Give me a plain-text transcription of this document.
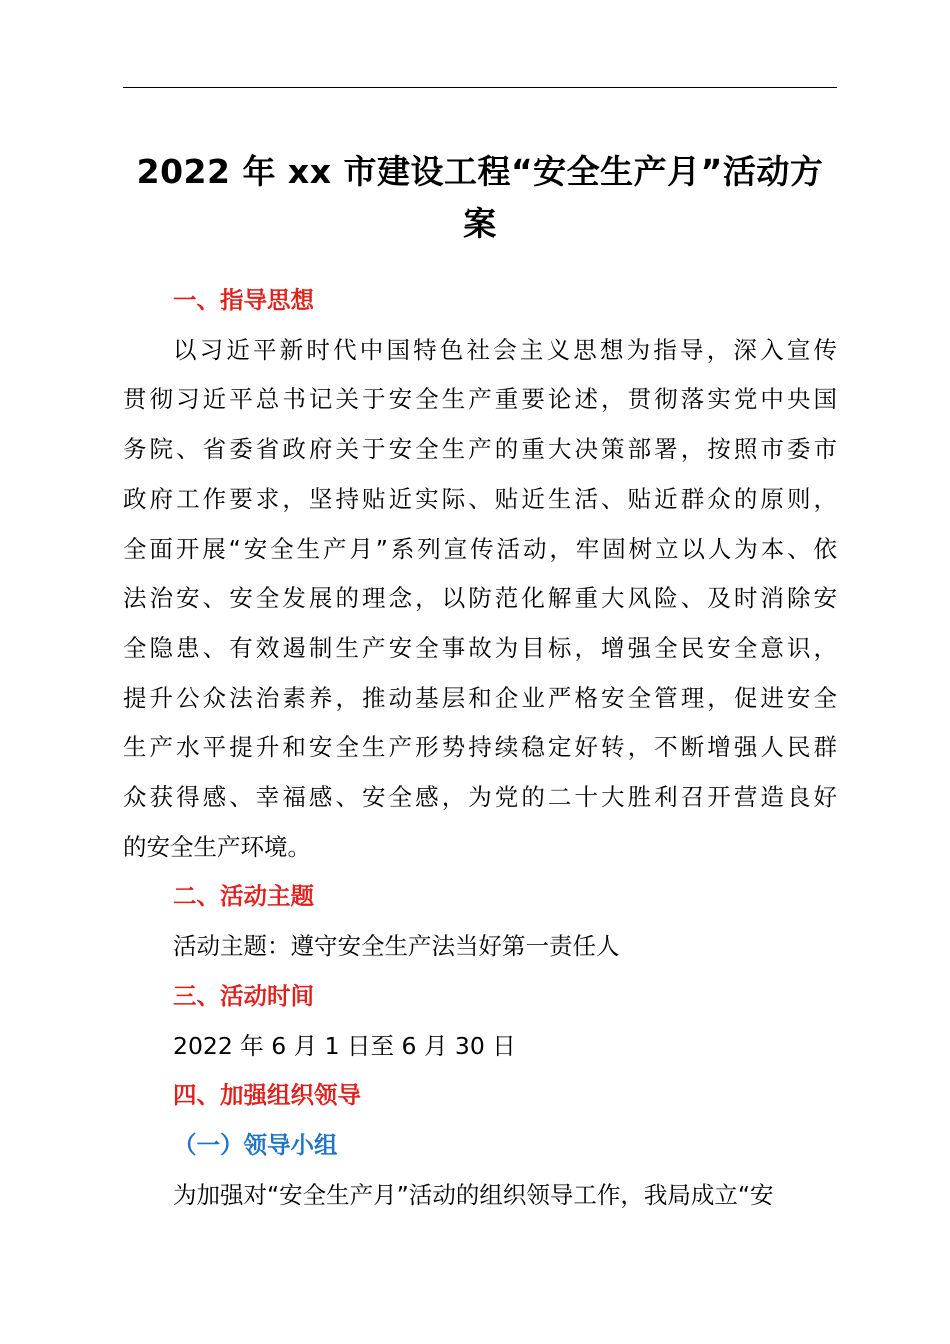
2022 年 xx 市建设工程“安全生产月”活动方
案
一、指导思想

以习近平新时代中国特色社会主义思想为指导，深入宣传
贯彻习近平总书记关于安全生产重要论述，贯彻落实党中央国
务院、省委省政府关于安全生产的重大决策部署，按照市委市
政府工作要求，坚持贴近实际、贴近生活、贴近群众的原则，
全面开展“安全生产月”系列宣传活动，牢固树立以人为本、依
法治安、安全发展的理念，以防范化解重大风险、及时消除安
全隐患、有效遏制生产安全事故为目标，增强全民安全意识，
提升公众法治素养，推动基层和企业严格安全管理，促进安全
生产水平提升和安全生产形势持续稳定好转，不断增强人民群
众获得感、幸福感、安全感，为党的二十大胜利召开营造良好
的安全生产环境。

二、活动主题

活动主题：遵守安全生产法当好第一责任人

三、活动时间

2022 年 6 月 1 日至 6 月 30 日

四、加强组织领导
（一）领导小组

为加强对“安全生产月”活动的组织领导工作，我局成立“安
